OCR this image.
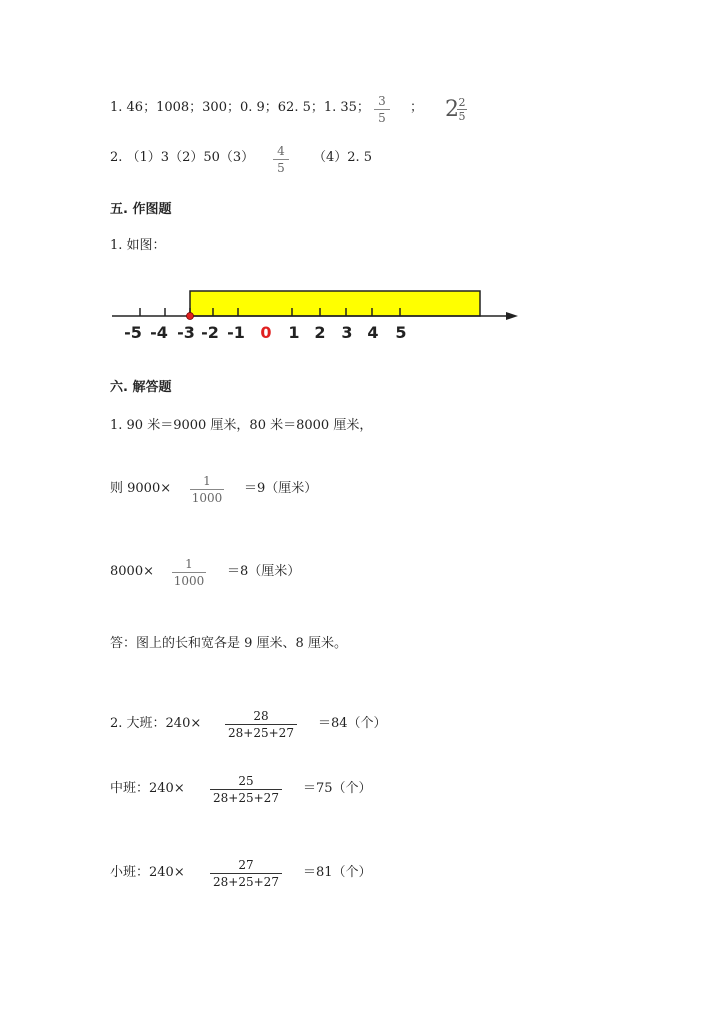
1. 46；1008；300；0. 9；62. 5；1. 35； 3
5
； 2 2
5
2. （1）3（2）50（3）	4
5
（4）2. 5
五. 作图题
1. 如图：
-5 -4 -3 -2 -1 0 1 2 3 4 5
六. 解答题
1. 90 米＝9000 厘米，80 米＝8000 厘米，
则 9000×	1
1000
＝9（厘米）
8000×	1
1000
＝8（厘米）
答：图上的长和宽各是 9 厘米、8 厘米。
2. 大班：240×	28
28+25+27
＝84（个）
中班：240×	25
28+25+27
＝75（个）
小班：240×	27
28+25+27
＝81（个）
